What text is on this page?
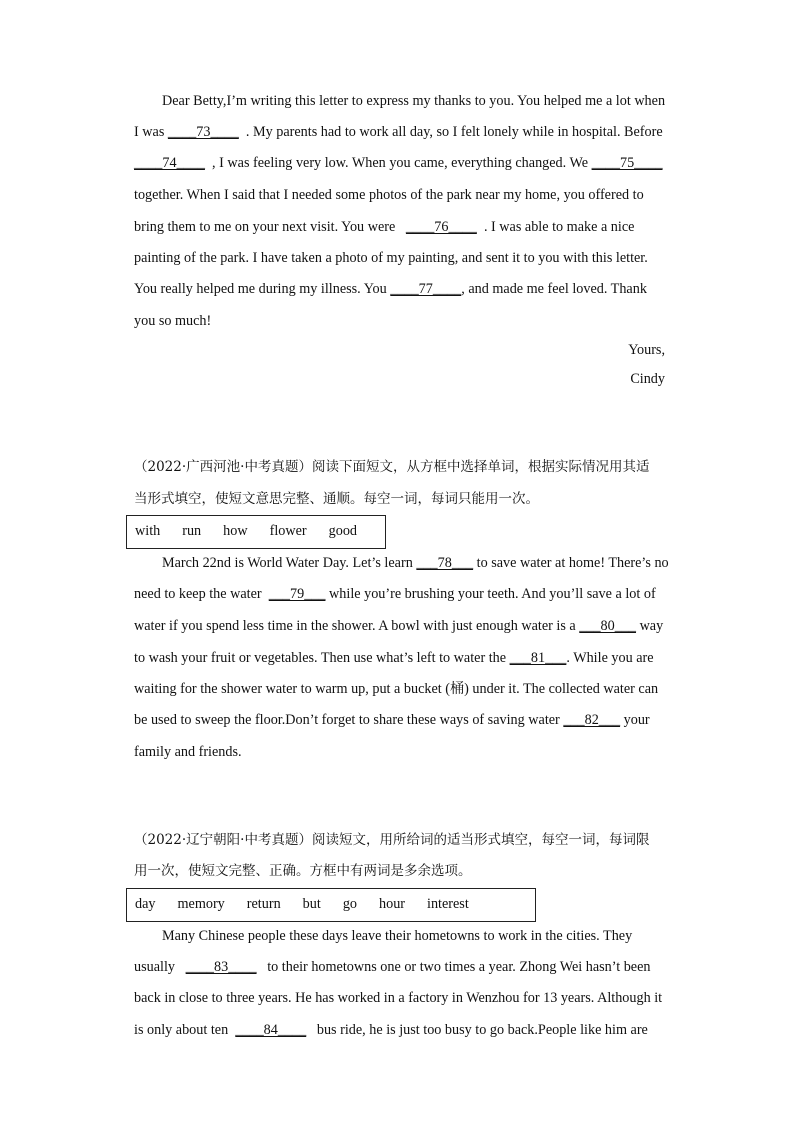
Dear Betty,I’m writing this letter to express my thanks to you. You helped me a lot when
I was ____73____ . My parents had to work all day, so I felt lonely while in hospital. Before
____74____ , I was feeling very low. When you came, everything changed. We ____75____
together. When I said that I needed some photos of the park near my home, you offered to
bring them to me on your next visit. You were   ____76____ . I was able to make a nice
painting of the park. I have taken a photo of my painting, and sent it to you with this letter.
You really helped me during my illness. You ____77____, and made me feel loved. Thank
you so much!
Yours,
Cindy
（2022·广西河池·中考真题）阅读下面短文，从方框中选择单词，根据实际情况用其适
当形式填空，使短文意思完整、通顺。每空一词，每词只能用一次。
with run how flower good
March 22nd is World Water Day. Let’s learn ___78___ to save water at home! There’s no
need to keep the water  ___79___ while you’re brushing your teeth. And you’ll save a lot of
water if you spend less time in the shower. A bowl with just enough water is a ___80___ way
to wash your fruit or vegetables. Then use what’s left to water the ___81___. While you are
waiting for the shower water to warm up, put a bucket (桶) under it. The collected water can
be used to sweep the floor.Don’t forget to share these ways of saving water ___82___ your
family and friends.
（2022·辽宁朝阳·中考真题）阅读短文，用所给词的适当形式填空，每空一词，每词限
用一次，使短文完整、正确。方框中有两词是多余选项。
day memory return but go hour interest
Many Chinese people these days leave their hometowns to work in the cities. They
usually   ____83____   to their hometowns one or two times a year. Zhong Wei hasn’t been
back in close to three years. He has worked in a factory in Wenzhou for 13 years. Although it
is only about ten  ____84____   bus ride, he is just too busy to go back.People like him are
